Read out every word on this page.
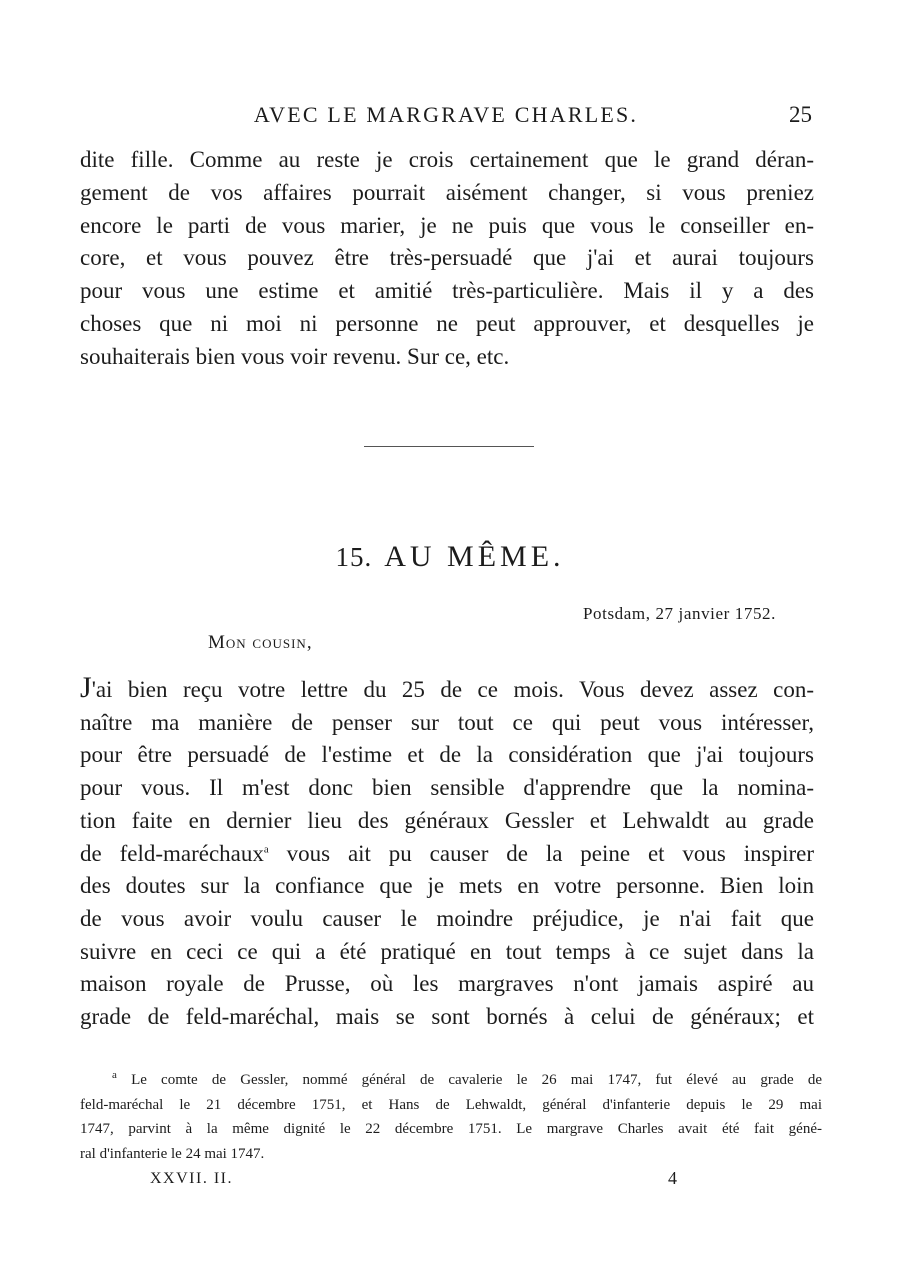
AVEC LE MARGRAVE CHARLES.	25
dite fille. Comme au reste je crois certainement que le grand déran-
gement de vos affaires pourrait aisément changer, si vous preniez
encore le parti de vous marier, je ne puis que vous le conseiller en-
core, et vous pouvez être très-persuadé que j'ai et aurai toujours
pour vous une estime et amitié très-particulière. Mais il y a des
choses que ni moi ni personne ne peut approuver, et desquelles je
souhaiterais bien vous voir revenu. Sur ce, etc.
15. AU MÊME.
Potsdam, 27 janvier 1752.
Mon cousin,
J'ai bien reçu votre lettre du 25 de ce mois. Vous devez assez con-
naître ma manière de penser sur tout ce qui peut vous intéresser,
pour être persuadé de l'estime et de la considération que j'ai toujours
pour vous. Il m'est donc bien sensible d'apprendre que la nomina-
tion faite en dernier lieu des généraux Gessler et Lehwaldt au grade
de feld-maréchaux$^a$ vous ait pu causer de la peine et vous inspirer
des doutes sur la confiance que je mets en votre personne. Bien loin
de vous avoir voulu causer le moindre préjudice, je n'ai fait que
suivre en ceci ce qui a été pratiqué en tout temps à ce sujet dans la
maison royale de Prusse, où les margraves n'ont jamais aspiré au
grade de feld-maréchal, mais se sont bornés à celui de généraux; et
$^a$ Le comte de Gessler, nommé général de cavalerie le 26 mai 1747, fut élevé au grade de
feld-maréchal le 21 décembre 1751, et Hans de Lehwaldt, général d'infanterie depuis le 29 mai
1747, parvint à la même dignité le 22 décembre 1751. Le margrave Charles avait été fait géné-
ral d'infanterie le 24 mai 1747.
XXVII. II.	4
